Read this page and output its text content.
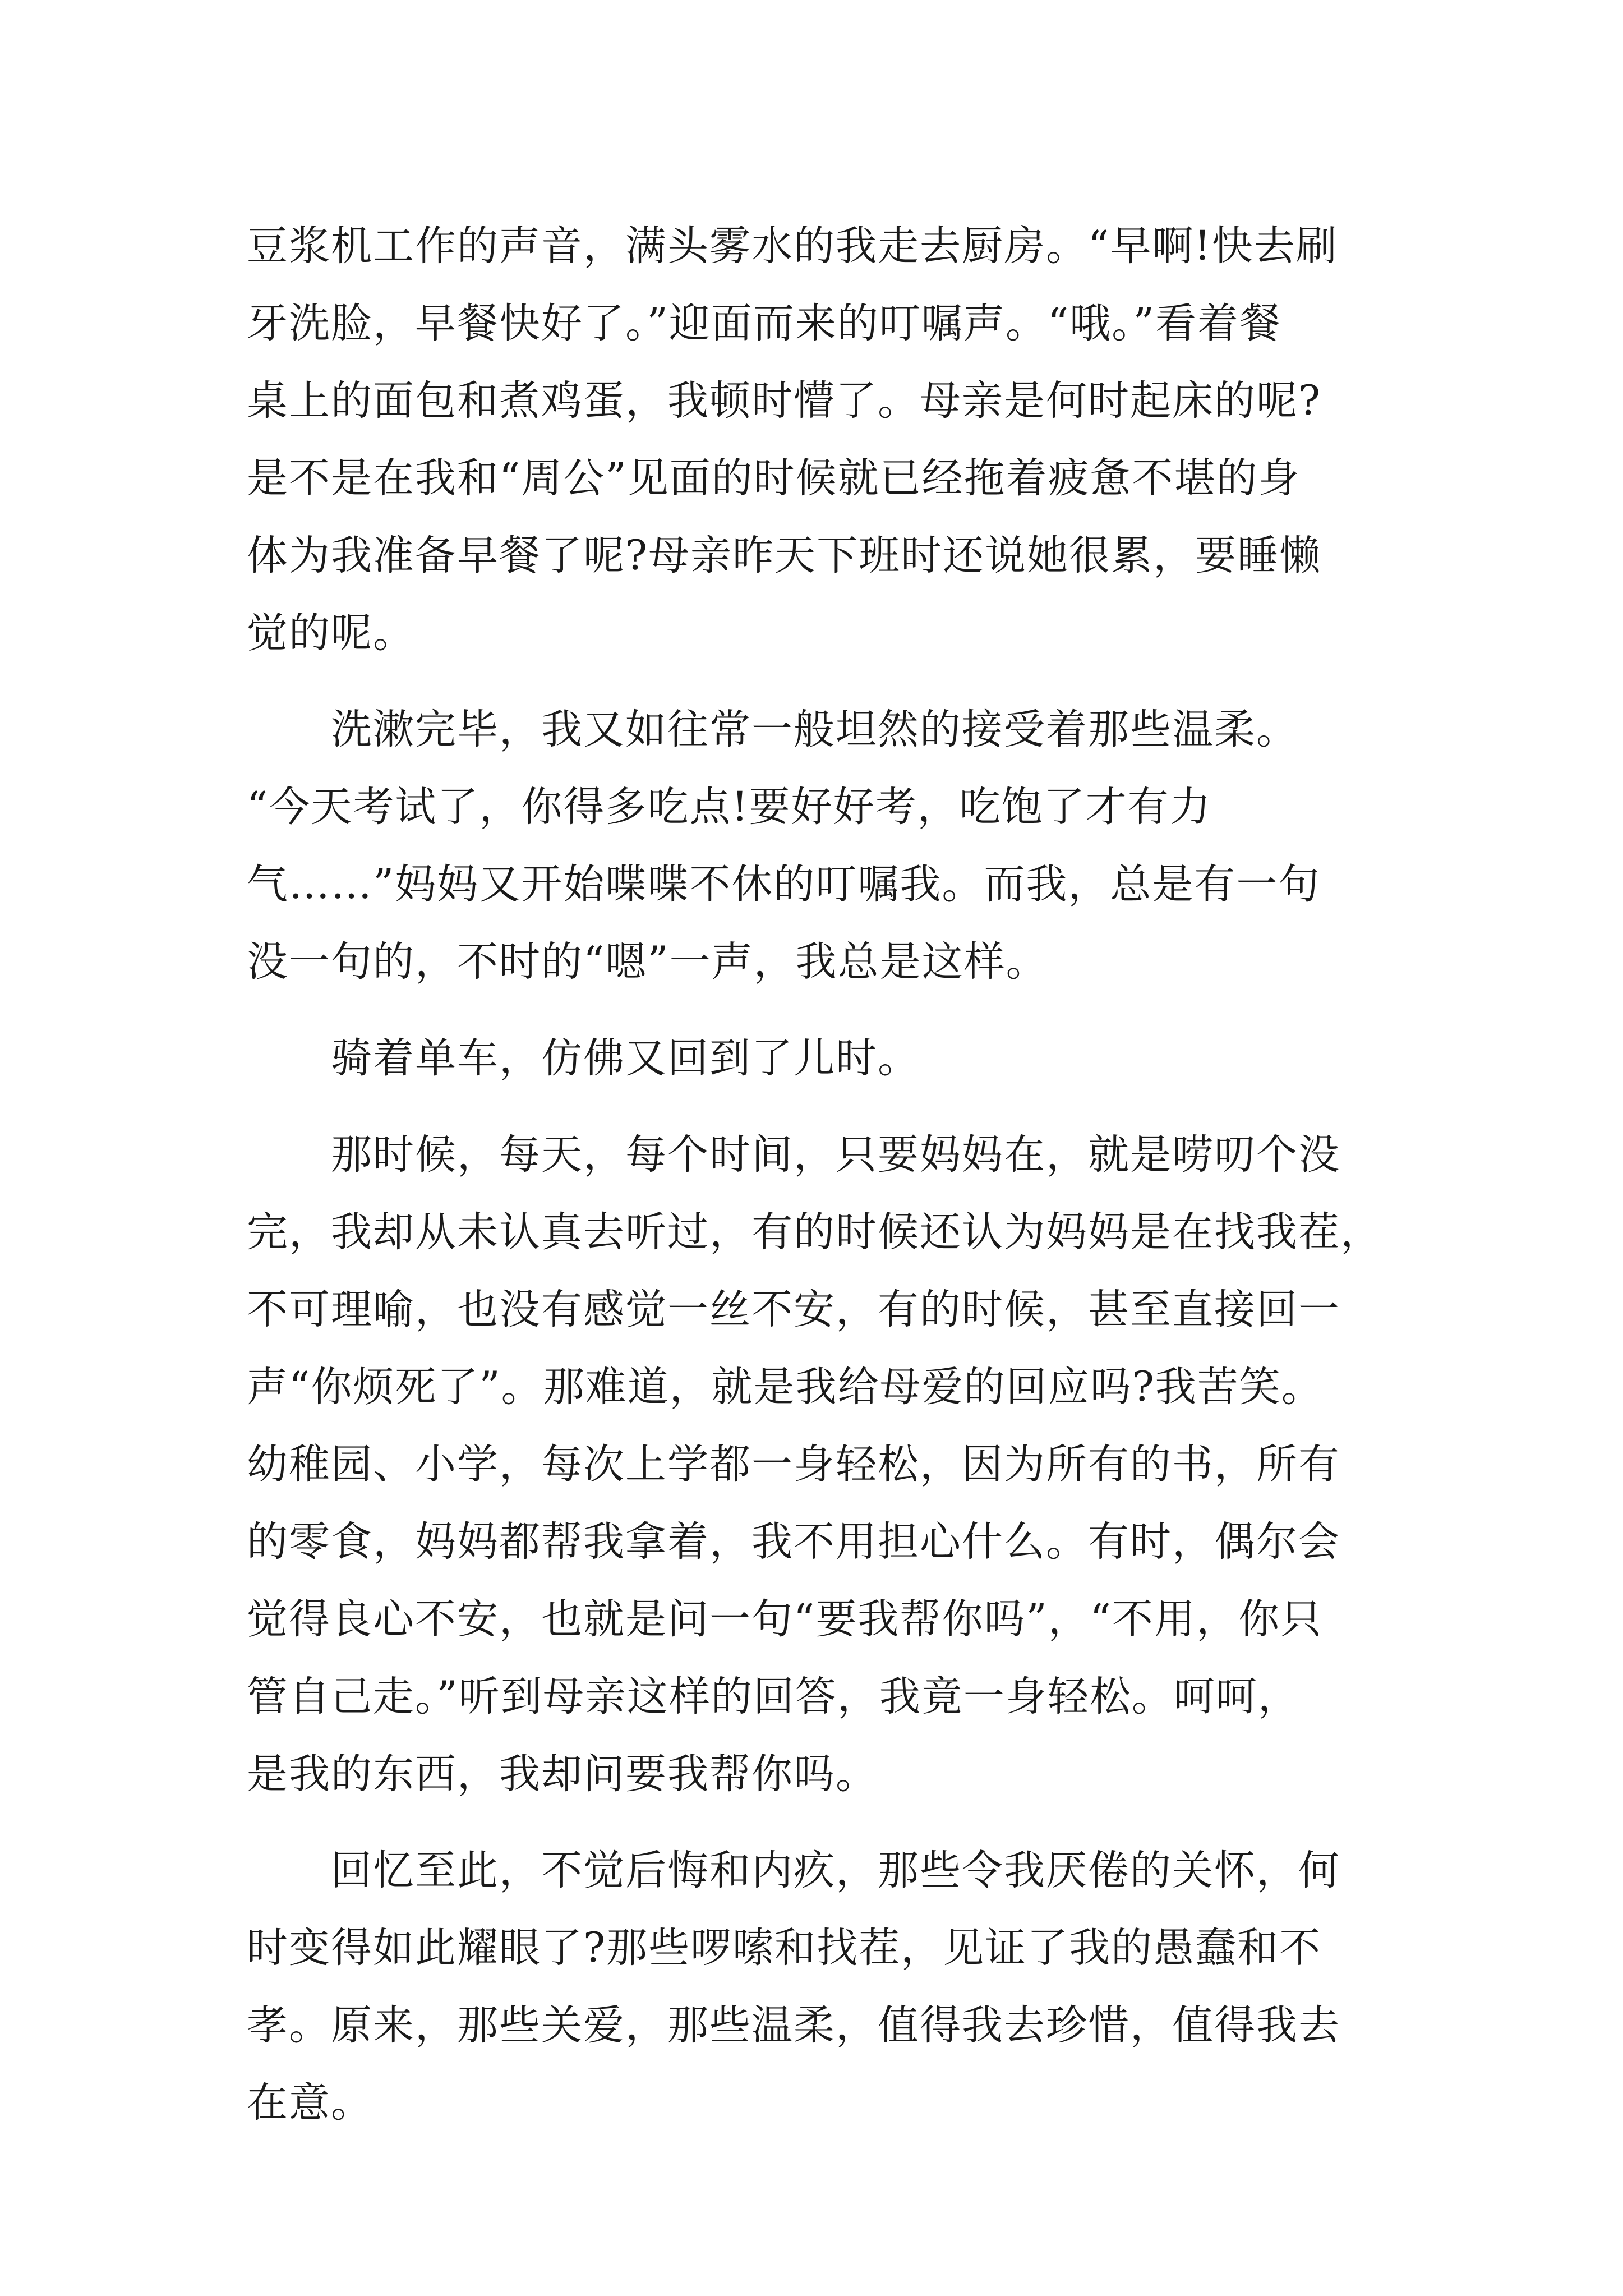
豆浆机工作的声音，满头雾水的我走去厨房。“早啊!快去刷
牙洗脸，早餐快好了。”迎面而来的叮嘱声。“哦。”看着餐
桌上的面包和煮鸡蛋，我顿时懵了。母亲是何时起床的呢?
是不是在我和“周公”见面的时候就已经拖着疲惫不堪的身
体为我准备早餐了呢?母亲昨天下班时还说她很累，要睡懒
觉的呢。
洗漱完毕，我又如往常一般坦然的接受着那些温柔。
“今天考试了，你得多吃点!要好好考，吃饱了才有力
气……”妈妈又开始喋喋不休的叮嘱我。而我，总是有一句
没一句的，不时的“嗯”一声，我总是这样。
骑着单车，仿佛又回到了儿时。
那时候，每天，每个时间，只要妈妈在，就是唠叨个没
完，我却从未认真去听过，有的时候还认为妈妈是在找我茬，
不可理喻，也没有感觉一丝不安，有的时候，甚至直接回一
声“你烦死了”。那难道，就是我给母爱的回应吗?我苦笑。
幼稚园、小学，每次上学都一身轻松，因为所有的书，所有
的零食，妈妈都帮我拿着，我不用担心什么。有时，偶尔会
觉得良心不安，也就是问一句“要我帮你吗”，“不用，你只
管自己走。”听到母亲这样的回答，我竟一身轻松。呵呵，
是我的东西，我却问要我帮你吗。
回忆至此，不觉后悔和内疚，那些令我厌倦的关怀，何
时变得如此耀眼了?那些啰嗦和找茬，见证了我的愚蠢和不
孝。原来，那些关爱，那些温柔，值得我去珍惜，值得我去
在意。
